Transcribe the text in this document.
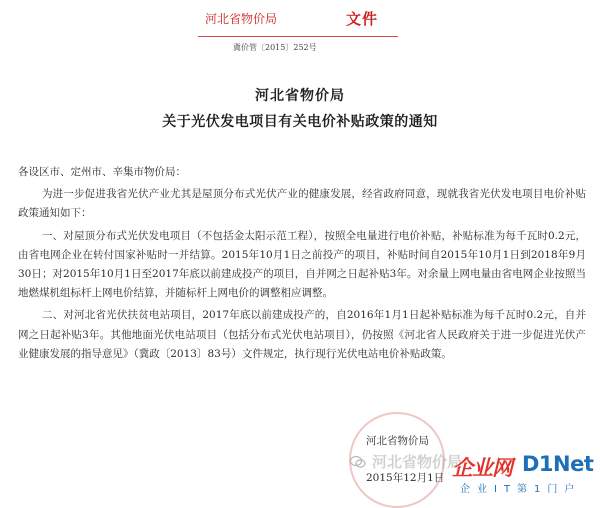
河北省物价局	文件
冀价管〔2015〕252号
河北省物价局
关于光伏发电项目有关电价补贴政策的通知

各设区市、定州市、辛集市物价局：

为进一步促进我省光伏产业尤其是屋顶分布式光伏产业的健康发展，经省政府同意，现就我省光伏发电项目电价补贴政策通知如下：

一、对屋顶分布式光伏发电项目（不包括金太阳示范工程），按照全电量进行电价补贴，补贴标准为每千瓦时0.2元，由省电网企业在转付国家补贴时一并结算。2015年10月1日之前投产的项目，补贴时间自2015年10月1日到2018年9月30日；对2015年10月1日至2017年底以前建成投产的项目，自并网之日起补贴3年。对余量上网电量由省电网企业按照当地燃煤机组标杆上网电价结算，并随标杆上网电价的调整相应调整。

二、对河北省光伏扶贫电站项目，2017年底以前建成投产的，自2016年1月1日起补贴标准为每千瓦时0.2元，自并网之日起补贴3年。其他地面光伏电站项目（包括分布式光伏电站项目），仍按照《河北省人民政府关于进一步促进光伏产业健康发展的指导意见》（冀政〔2013〕83号）文件规定，执行现行光伏电站电价补贴政策。

河北省物价局
2015年12月1日
河北省物价局
企业网 D1Net
企业IT第1门户
